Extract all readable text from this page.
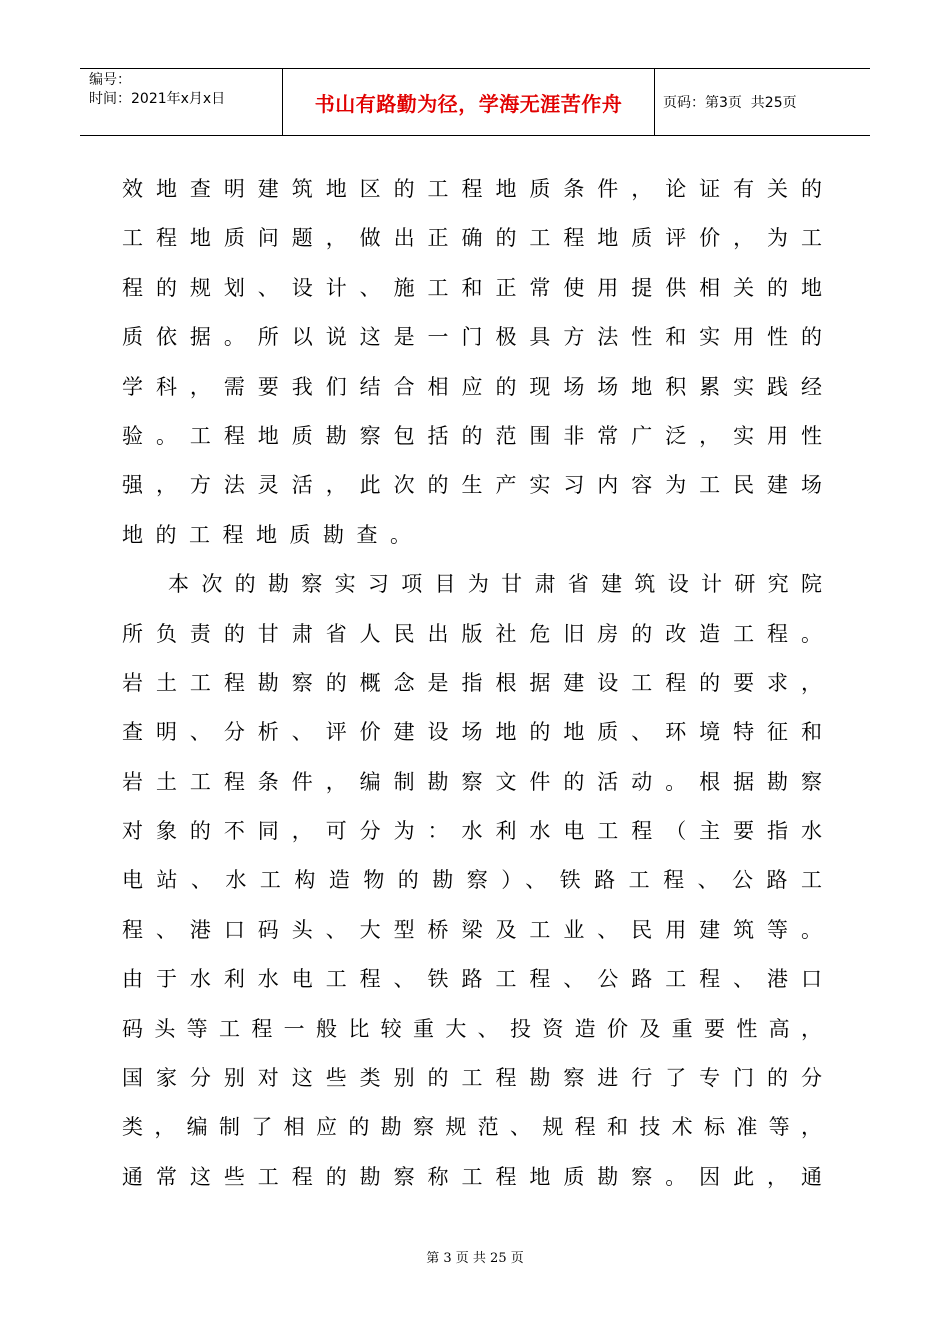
编号：
时间：2021年x月x日	书山有路勤为径，学海无涯苦作舟	页码：第3页  共25页
效地查明建筑地区的工程地质条件，论证有关的
工程地质问题，做出正确的工程地质评价，为工
程的规划、设计、施工和正常使用提供相关的地
质依据。所以说这是一门极具方法性和实用性的
学科，需要我们结合相应的现场场地积累实践经
验。工程地质勘察包括的范围非常广泛，实用性
强，方法灵活，此次的生产实习内容为工民建场
地的工程地质勘查。
本次的勘察实习项目为甘肃省建筑设计研究院
所负责的甘肃省人民出版社危旧房的改造工程。
岩土工程勘察的概念是指根据建设工程的要求，
查明、分析、评价建设场地的地质、环境特征和
岩土工程条件，编制勘察文件的活动。根据勘察
对象的不同，可分为：水利水电工程（主要指水
电站、水工构造物的勘察）、铁路工程、公路工
程、港口码头、大型桥梁及工业、民用建筑等。
由于水利水电工程、铁路工程、公路工程、港口
码头等工程一般比较重大、投资造价及重要性高，
国家分别对这些类别的工程勘察进行了专门的分
类，编制了相应的勘察规范、规程和技术标准等，
通常这些工程的勘察称工程地质勘察。因此，通
第 3 页 共 25 页
